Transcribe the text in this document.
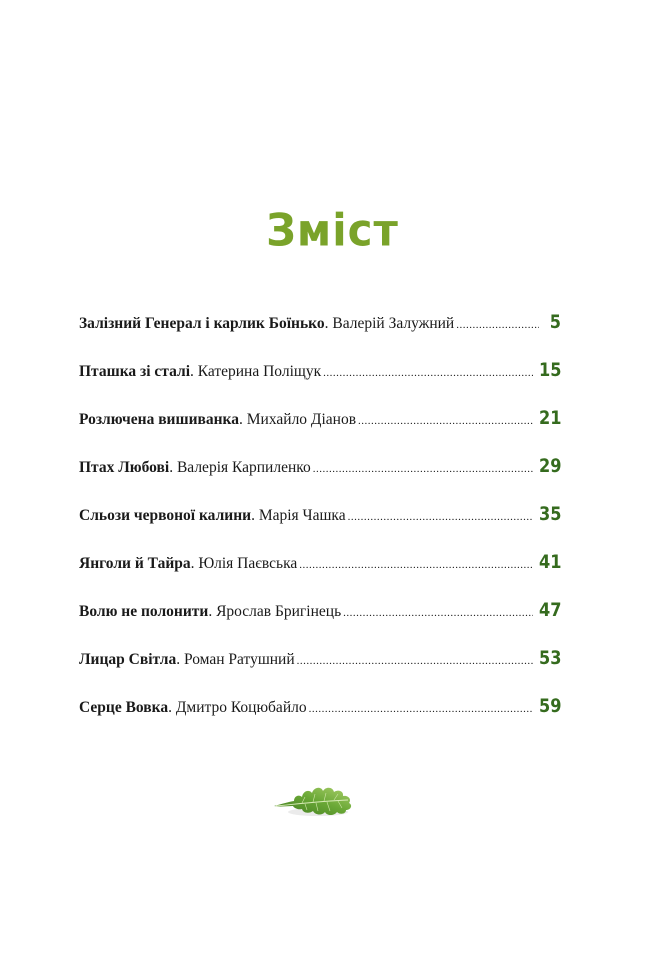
Зміст
Залізний Генерал і карлик Боїнько . Валерій Залужний .....	5
Пташка зі сталі . Катерина Поліщук .....	15
Розлючена вишиванка . Михайло Діанов .....	21
Птах Любові . Валерія Карпиленко .....	29
Сльози червоної калини . Марія Чашка .....	35
Янголи й Тайра . Юлія Паєвська .....	41
Волю не полонити . Ярослав Бригінець .....	47
Лицар Світла . Роман Ратушний .....	53
Серце Вовка . Дмитро Коцюбайло .....	59
